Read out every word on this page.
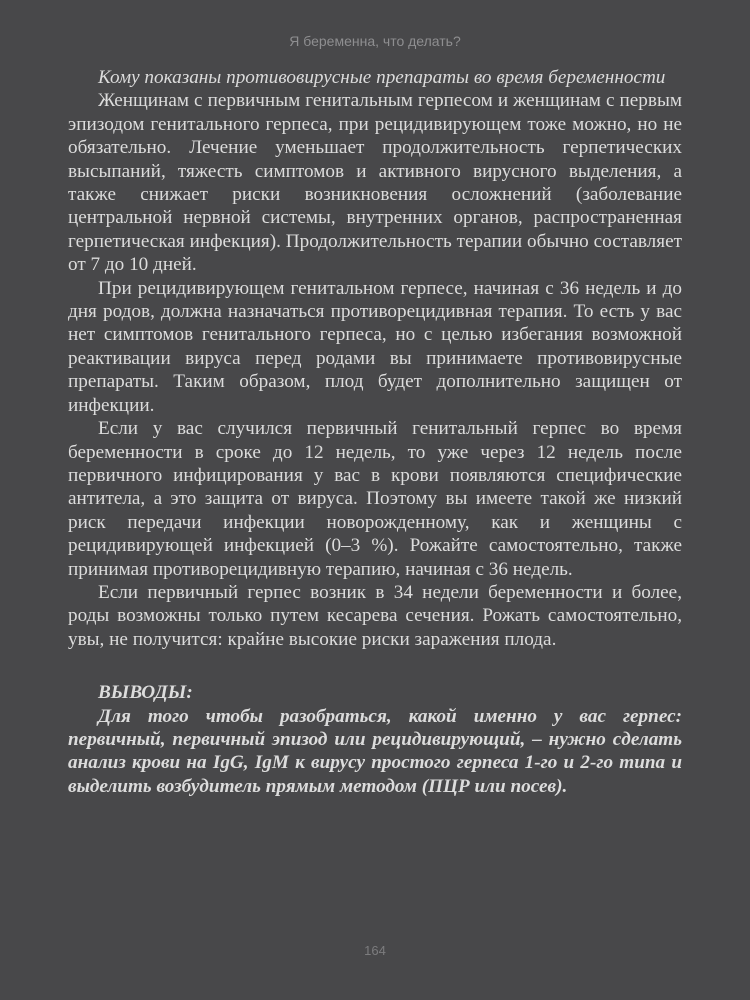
Я беременна, что делать?

Кому показаны противовирусные препараты во время беременности

Женщинам с первичным генитальным герпесом и женщинам с первым эпизодом генитального герпеса, при рецидивирующем тоже можно, но не обязательно. Лечение уменьшает продолжительность герпетических высыпаний, тяжесть симптомов и активного вирусного выделения, а также снижает риски возникновения осложнений (заболевание центральной нервной системы, внутренних органов, распространенная герпетическая инфекция). Продолжительность терапии обычно составляет от 7 до 10 дней.

При рецидивирующем генитальном герпесе, начиная с 36 недель и до дня родов, должна назначаться противорецидивная терапия. То есть у вас нет симптомов генитального герпеса, но с целью избегания возможной реактивации вируса перед родами вы принимаете противовирусные препараты. Таким образом, плод будет дополнительно защищен от инфекции.

Если у вас случился первичный генитальный герпес во время беременности в сроке до 12 недель, то уже через 12 недель после первичного инфицирования у вас в крови появляются специфические антитела, а это защита от вируса. Поэтому вы имеете такой же низкий риск передачи инфекции новорожденному, как и женщины с рецидивирующей инфекцией (0–3 %). Рожайте самостоятельно, также принимая противорецидивную терапию, начиная с 36 недель.

Если первичный герпес возник в 34 недели беременности и более, роды возможны только путем кесарева сечения. Рожать самостоятельно, увы, не получится: крайне высокие риски заражения плода.

ВЫВОДЫ:

Для того чтобы разобраться, какой именно у вас герпес: первичный, первичный эпизод или рецидивирующий, – нужно сделать анализ крови на IgG, IgM к вирусу простого герпеса 1-го и 2-го типа и выделить возбудитель прямым методом (ПЦР или посев).

164
